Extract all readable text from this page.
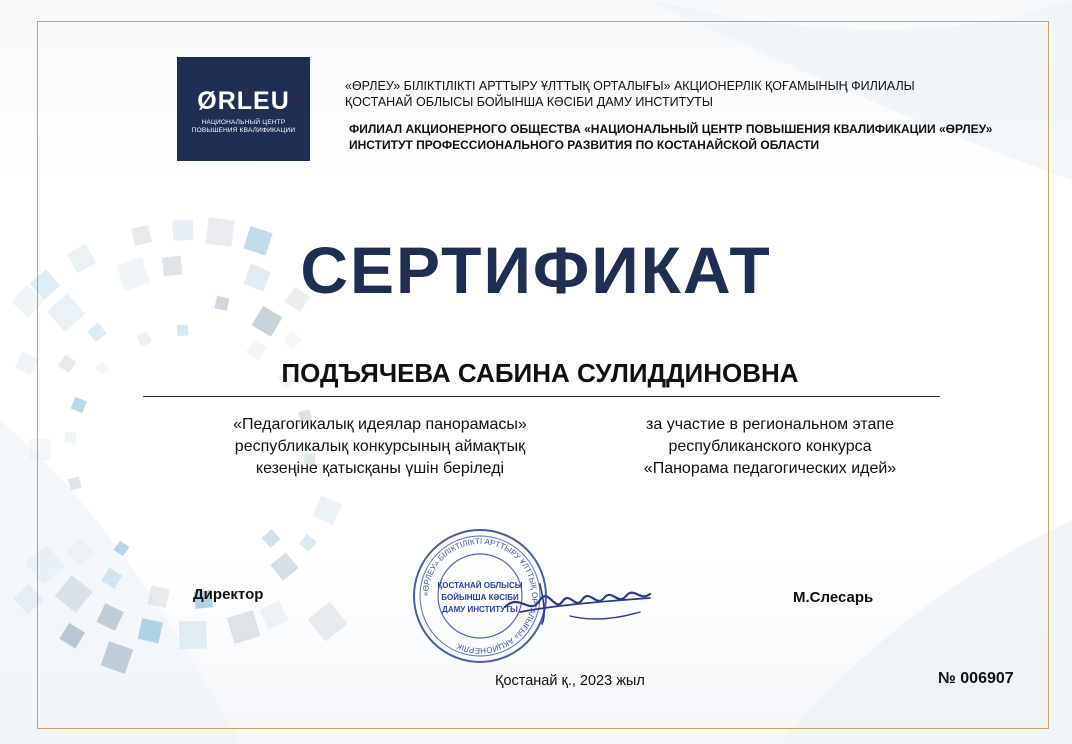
ØRLEU
НАЦИОНАЛЬНЫЙ ЦЕНТР
ПОВЫШЕНИЯ КВАЛИФИКАЦИИ
«ӨРЛЕУ» БІЛІКТІЛІКТІ АРТТЫРУ ҰЛТТЫҚ ОРТАЛЫҒЫ» АКЦИОНЕРЛІК ҚОҒАМЫНЫҢ ФИЛИАЛЫ
ҚОСТАНАЙ ОБЛЫСЫ БОЙЫНША КӘСІБИ ДАМУ ИНСТИТУТЫ
ФИЛИАЛ АКЦИОНЕРНОГО ОБЩЕСТВА «НАЦИОНАЛЬНЫЙ ЦЕНТР ПОВЫШЕНИЯ КВАЛИФИКАЦИИ «ӨРЛЕУ»
ИНСТИТУТ ПРОФЕССИОНАЛЬНОГО РАЗВИТИЯ ПО КОСТАНАЙСКОЙ ОБЛАСТИ
СЕРТИФИКАТ
ПОДЪЯЧЕВА САБИНА СУЛИДДИНОВНА
«Педагогикалық идеялар панорамасы»
республикалық конкурсының аймақтық
кезеңіне қатысқаны үшін беріледі
за участие в региональном этапе
республиканского конкурса
«Панорама педагогических идей»
Директор	«ӨРЛЕУ» БІЛІКТІЛІКТІ АРТТЫРУ ҰЛТТЫҚ ОРТАЛЫҒЫ» АКЦИОНЕРЛІК
ҚОСТАНАЙ ОБЛЫСЫ
БОЙЫНША КӘСІБИ
ДАМУ ИНСТИТУТЫ
М.Слесарь
Қостанай қ., 2023 жыл	№ 006907
